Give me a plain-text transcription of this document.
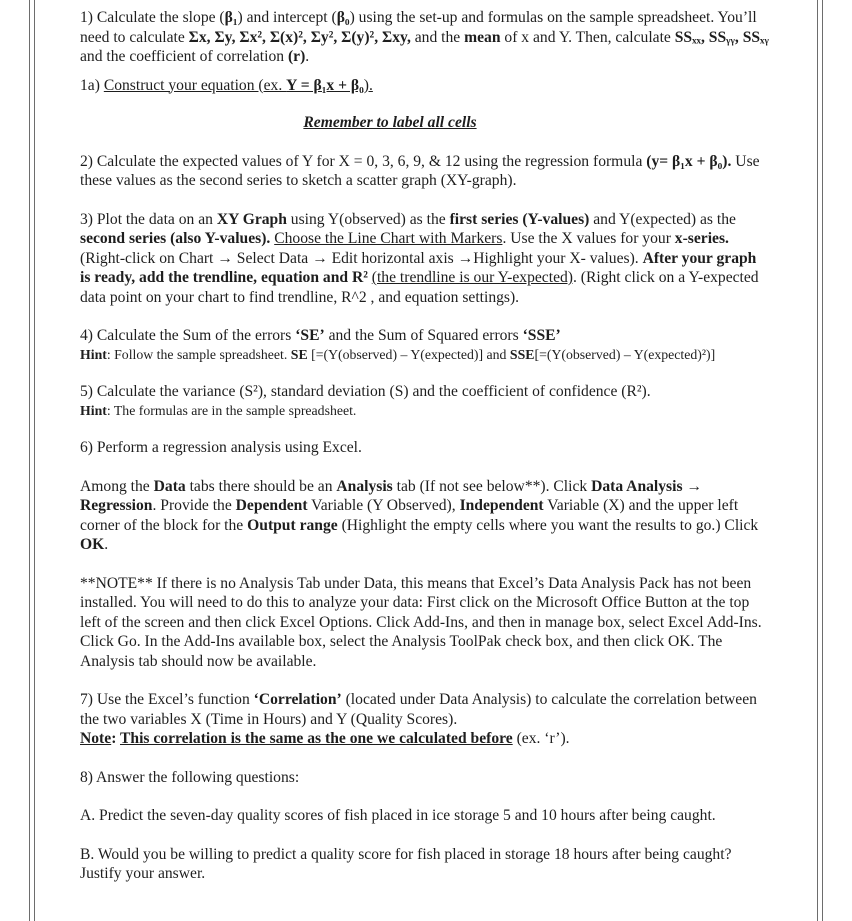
1) Calculate the slope (β₁) and intercept (β₀) using the set-up and formulas on the sample spreadsheet. You’ll need to calculate Σx, Σy, Σx², Σ(x)², Σy², Σ(y)², Σxy, and the mean of x and Y. Then, calculate SSₓₓ, SSᵧᵧ, SSₓᵧ and the coefficient of correlation (r).

1a) Construct your equation (ex. Y = β₁x + β₀).

Remember to label all cells

2) Calculate the expected values of Y for X = 0, 3, 6, 9, & 12 using the regression formula (y= β₁x + β₀). Use these values as the second series to sketch a scatter graph (XY-graph).

3) Plot the data on an XY Graph using Y(observed) as the first series (Y-values) and Y(expected) as the second series (also Y-values). Choose the Line Chart with Markers. Use the X values for your x-series. (Right-click on Chart → Select Data → Edit horizontal axis →Highlight your X- values). After your graph is ready, add the trendline, equation and R² (the trendline is our Y-expected). (Right click on a Y-expected data point on your chart to find trendline, R^2 , and equation settings).

4) Calculate the Sum of the errors ‘SE’ and the Sum of Squared errors ‘SSE’

Hint: Follow the sample spreadsheet. SE [=(Y(observed) – Y(expected)] and SSE[=(Y(observed) – Y(expected)²)]

5) Calculate the variance (S²), standard deviation (S) and the coefficient of confidence (R²).

Hint: The formulas are in the sample spreadsheet.

6) Perform a regression analysis using Excel.

Among the Data tabs there should be an Analysis tab (If not see below**). Click Data Analysis → Regression. Provide the Dependent Variable (Y Observed), Independent Variable (X) and the upper left corner of the block for the Output range (Highlight the empty cells where you want the results to go.) Click OK.

**NOTE** If there is no Analysis Tab under Data, this means that Excel’s Data Analysis Pack has not been installed. You will need to do this to analyze your data: First click on the Microsoft Office Button at the top left of the screen and then click Excel Options. Click Add-Ins, and then in manage box, select Excel Add-Ins. Click Go. In the Add-Ins available box, select the Analysis ToolPak check box, and then click OK. The Analysis tab should now be available.

7) Use the Excel’s function ‘Correlation’ (located under Data Analysis) to calculate the correlation between the two variables X (Time in Hours) and Y (Quality Scores).

Note: This correlation is the same as the one we calculated before (ex. ‘r’).

8) Answer the following questions:

A. Predict the seven-day quality scores of fish placed in ice storage 5 and 10 hours after being caught.

B. Would you be willing to predict a quality score for fish placed in storage 18 hours after being caught? Justify your answer.
